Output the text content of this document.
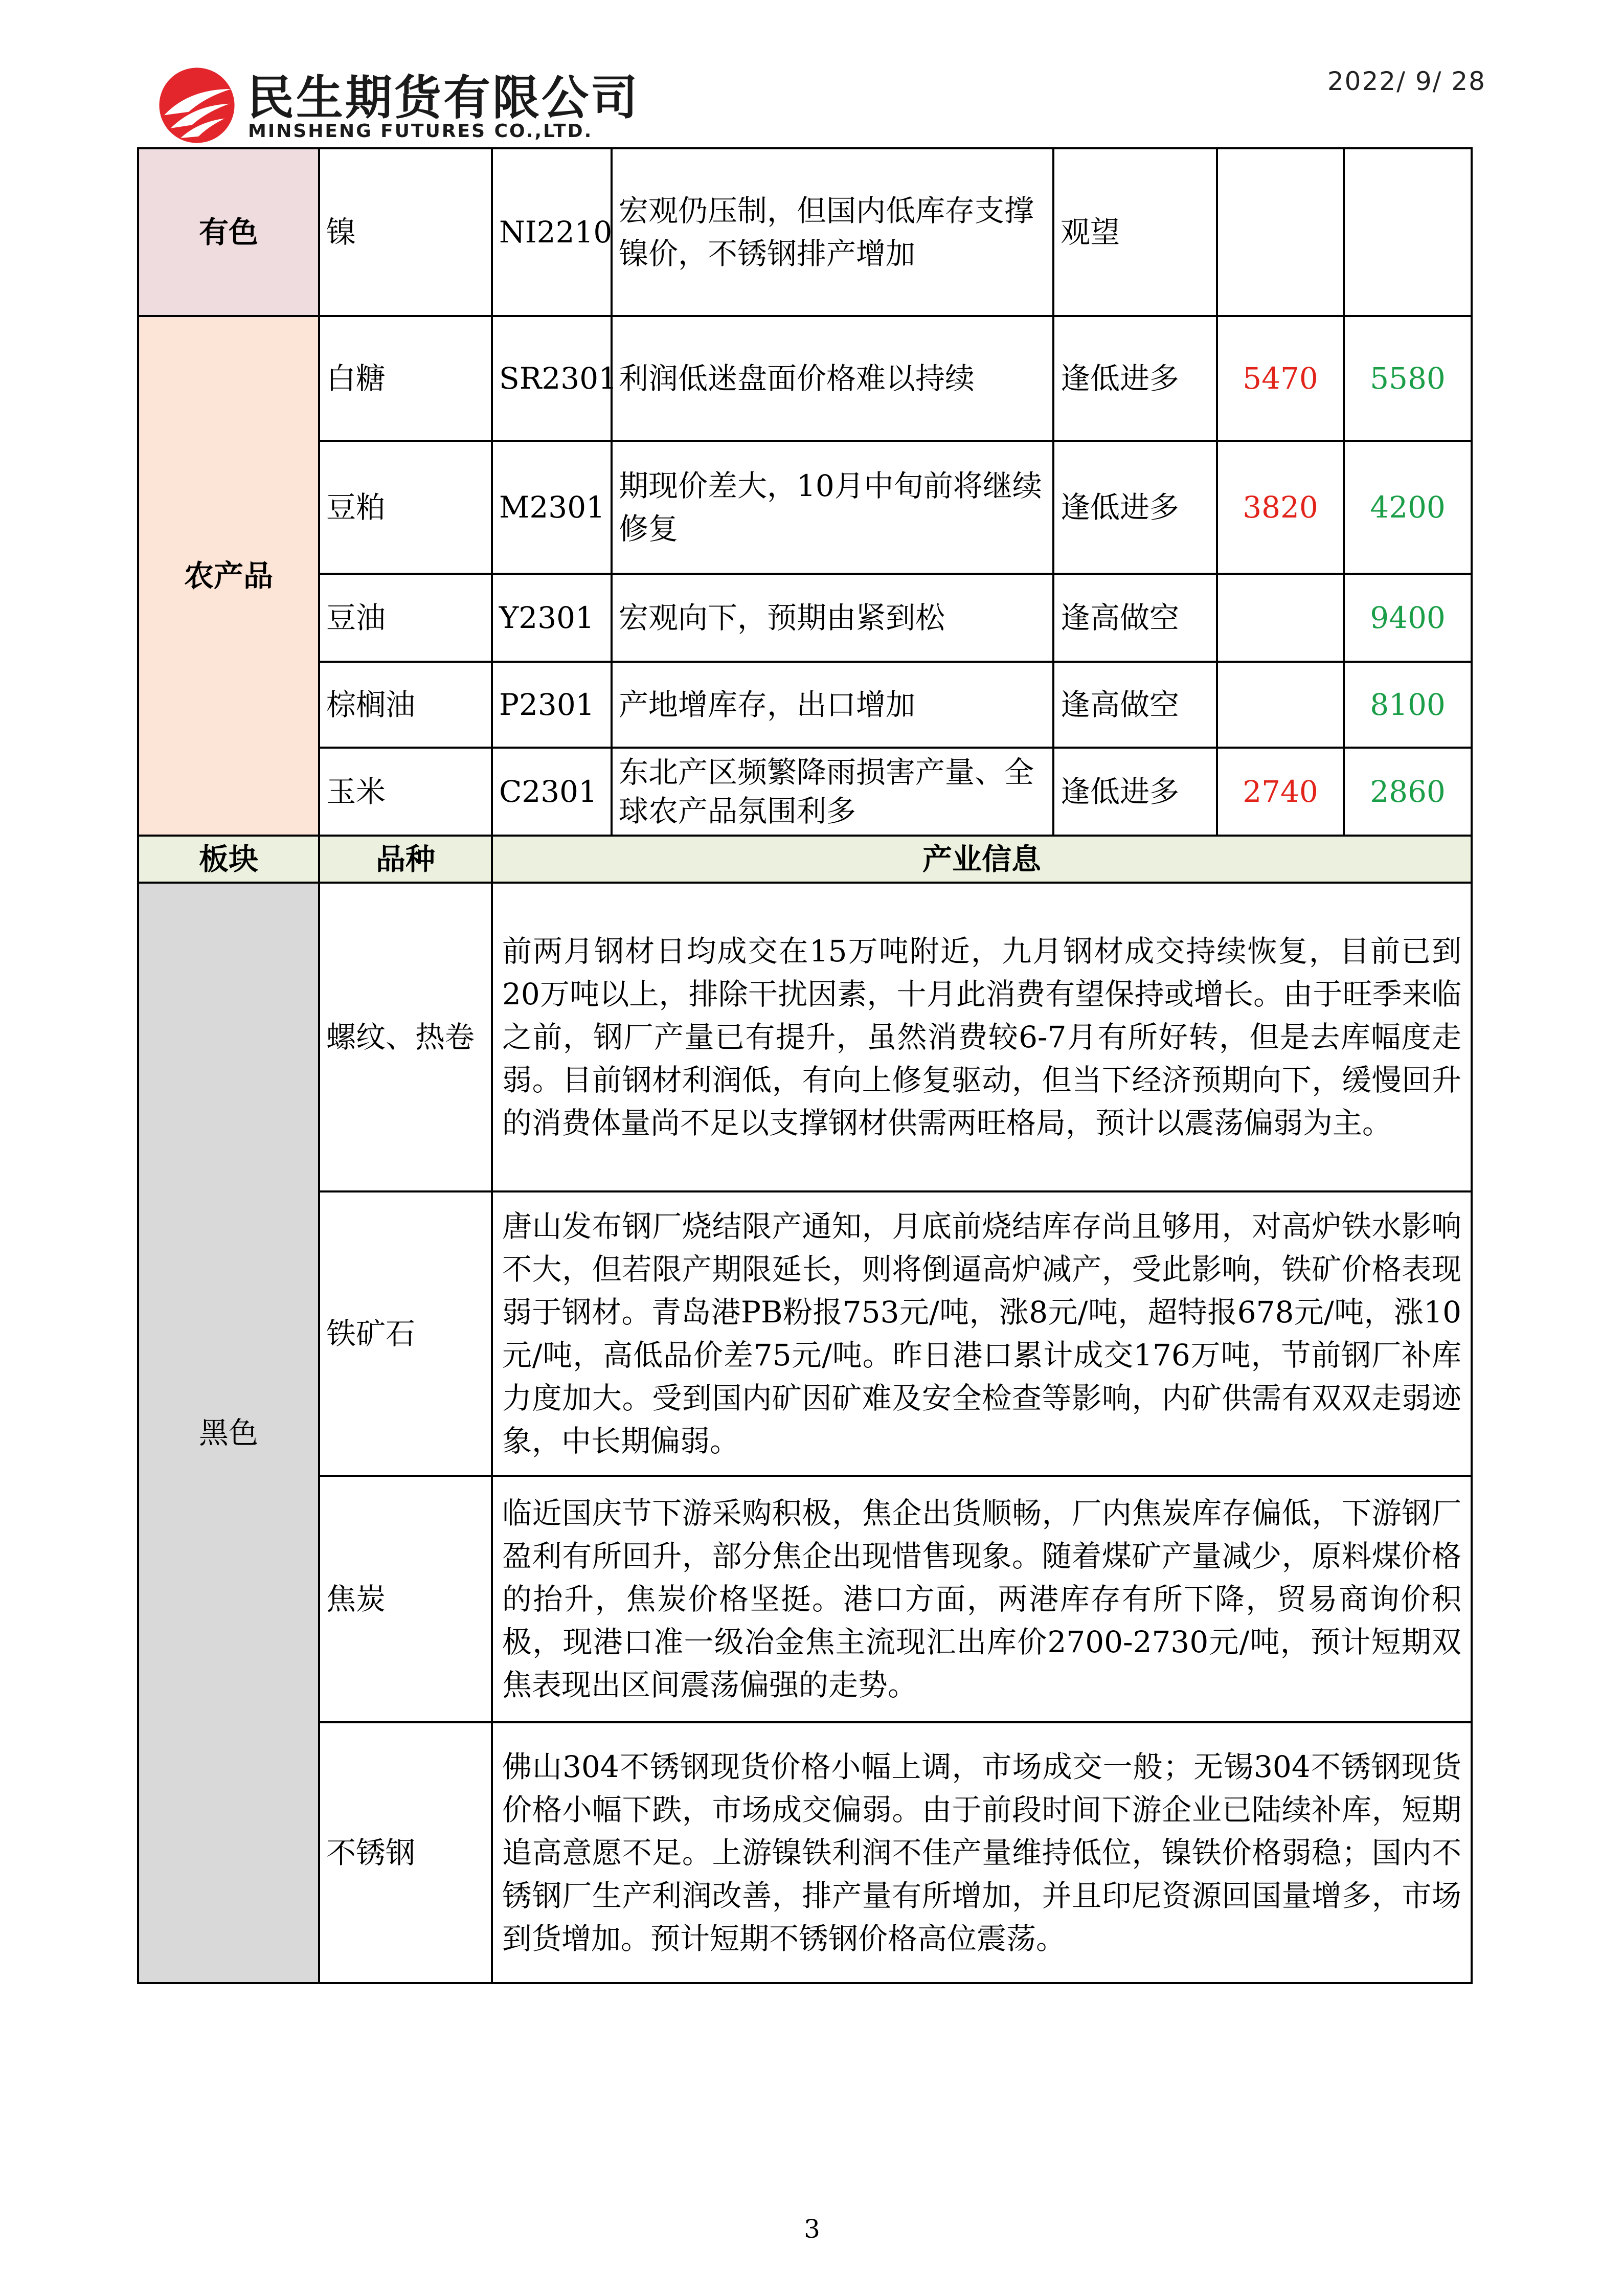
民生期货有限公司
MINSHENG FUTURES CO.,LTD.
2022/ 9/ 28
有色	镍	NI2210	宏观仍压制，但国内低库存支撑镍价，不锈钢排产增加	观望		
农产品	白糖	SR2301	利润低迷盘面价格难以持续	逢低进多	5470	5580
	豆粕	M2301	期现价差大，10月中旬前将继续修复	逢低进多	3820	4200
	豆油	Y2301	宏观向下，预期由紧到松	逢高做空		9400
	棕榈油	P2301	产地增库存，出口增加	逢高做空		8100
	玉米	C2301	东北产区频繁降雨损害产量、全球农产品氛围利多	逢低进多	2740	2860
板块	品种	产业信息				
黑色	螺纹、热卷	前两月钢材日均成交在15万吨附近，九月钢材成交持续恢复，目前已到20万吨以上，排除干扰因素，十月此消费有望保持或增长。由于旺季来临之前，钢厂产量已有提升，虽然消费较6-7月有所好转，但是去库幅度走弱。目前钢材利润低，有向上修复驱动，但当下经济预期向下，缓慢回升的消费体量尚不足以支撑钢材供需两旺格局，预计以震荡偏弱为主。				

	铁矿石	唐山发布钢厂烧结限产通知，月底前烧结库存尚且够用，对高炉铁水影响不大，但若限产期限延长，则将倒逼高炉减产，受此影响，铁矿价格表现弱于钢材。青岛港PB粉报753元/吨，涨8元/吨，超特报678元/吨，涨10元/吨，高低品价差75元/吨。昨日港口累计成交176万吨，节前钢厂补库力度加大。受到国内矿因矿难及安全检查等影响，内矿供需有双双走弱迹象，中长期偏弱。				

	焦炭	临近国庆节下游采购积极，焦企出货顺畅，厂内焦炭库存偏低，下游钢厂盈利有所回升，部分焦企出现惜售现象。随着煤矿产量减少，原料煤价格的抬升，焦炭价格坚挺。港口方面，两港库存有所下降，贸易商询价积极，现港口准一级冶金焦主流现汇出库价2700-2730元/吨，预计短期双焦表现出区间震荡偏强的走势。				

	不锈钢	佛山304不锈钢现货价格小幅上调，市场成交一般；无锡304不锈钢现货价格小幅下跌，市场成交偏弱。由于前段时间下游企业已陆续补库，短期追高意愿不足。上游镍铁利润不佳产量维持低位，镍铁价格弱稳；国内不锈钢厂生产利润改善，排产量有所增加，并且印尼资源回国量增多，市场到货增加。预计短期不锈钢价格高位震荡。				
3
